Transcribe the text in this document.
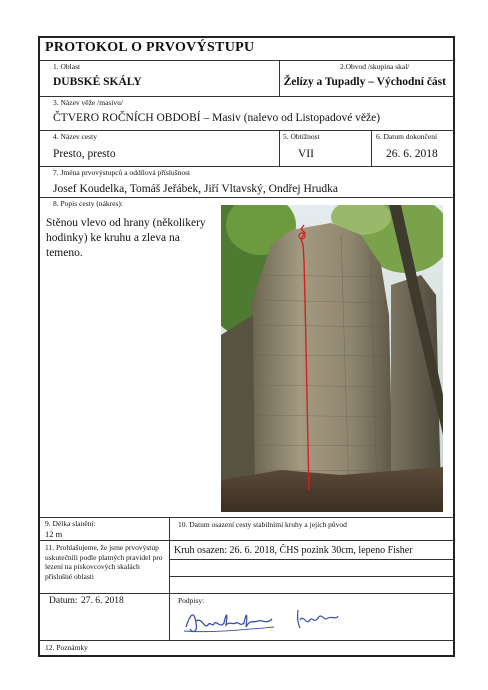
PROTOKOL O PRVOVÝSTUPU
1. Oblast
DUBSKÉ SKÁLY
2.Obvod /skupina skal/
Želízy a Tupadly – Východní část
3. Název věže /masivu/
ČTVERO ROČNÍCH OBDOBÍ – Masiv (nalevo od Listopadové věže)
4. Název cesty
Presto, presto
5. Obtížnost
VII
6. Datum dokončení
26. 6. 2018
7. Jména prvovýstupců a oddílová příslušnost
Josef Koudelka, Tomáš Jeřábek, Jiří Vltavský, Ondřej Hrudka
8. Popis cesty (nákres):
Stěnou vlevo od hrany (několikery hodinky) ke kruhu a zleva na temeno.
9. Délka slanění:
12 m
10. Datum osazení cesty stabilními kruhy a jejich původ
11. Prohlašujeme, že jsme prvovýstup uskutečnili podle platných pravidel pro lezení na pískovcových skalách příslušné oblasti
Kruh osazen: 26. 6. 2018, ČHS pozink 30cm, lepeno Fisher
Datum: 27. 6. 2018	Podpisy:
12. Poznámky
